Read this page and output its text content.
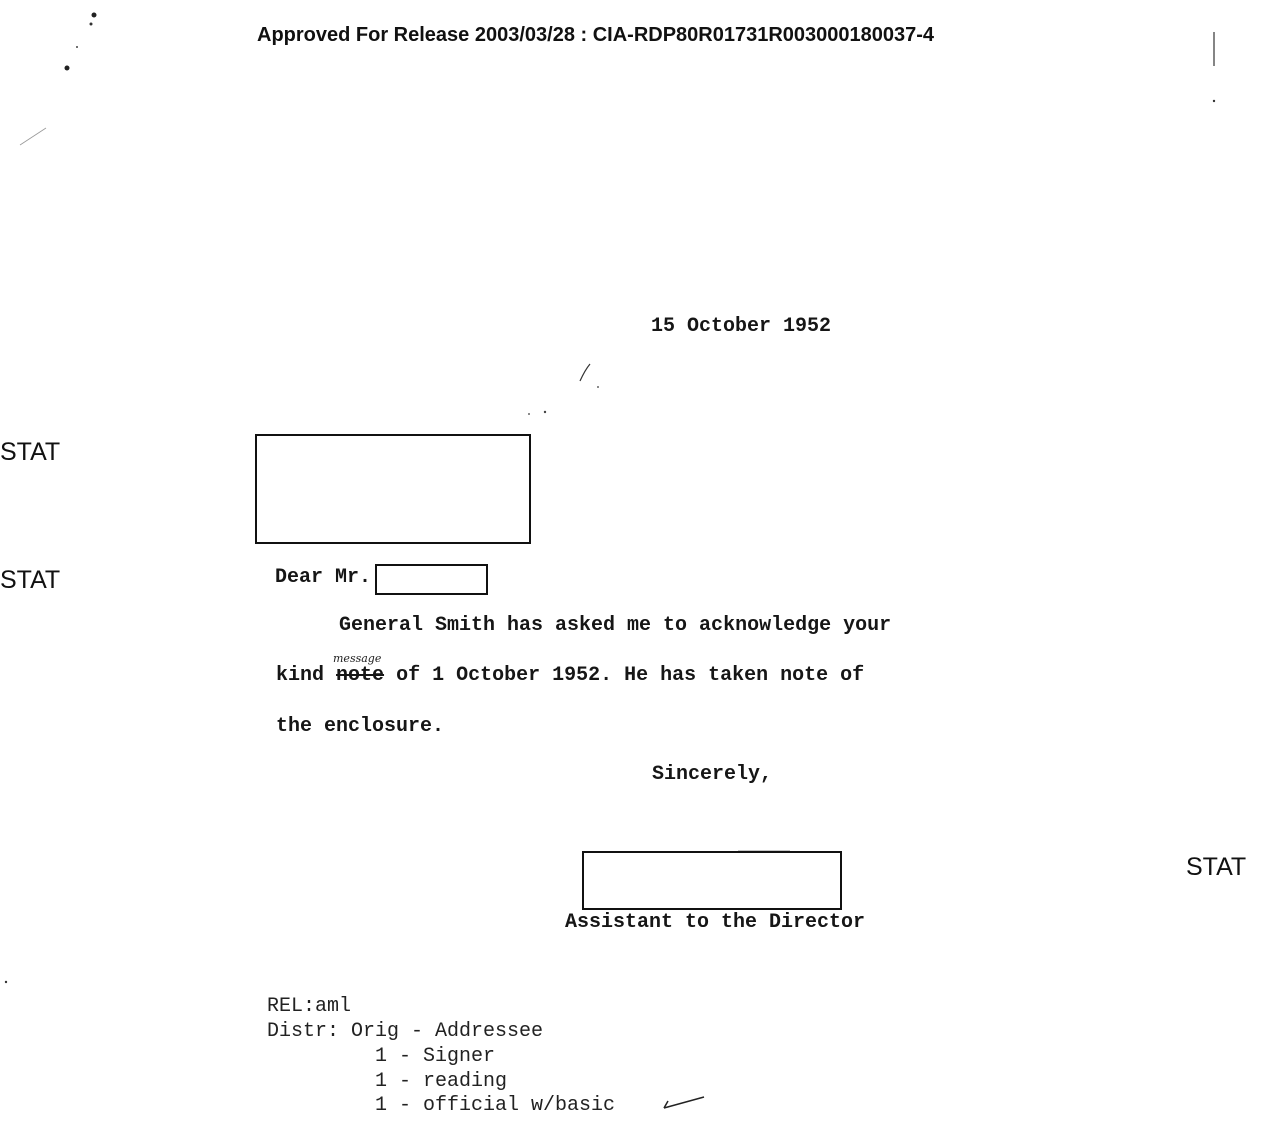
Approved For Release 2003/03/28 : CIA-RDP80R01731R003000180037-4
STAT
STAT
STAT
15 October 1952
Dear Mr.
General Smith has asked me to acknowledge your
message
kind note of 1 October 1952. He has taken note of
the enclosure.
Sincerely,
Assistant to the Director
REL:aml
Distr: Orig - Addressee
1 - Signer
1 - reading
1 - official w/basic
